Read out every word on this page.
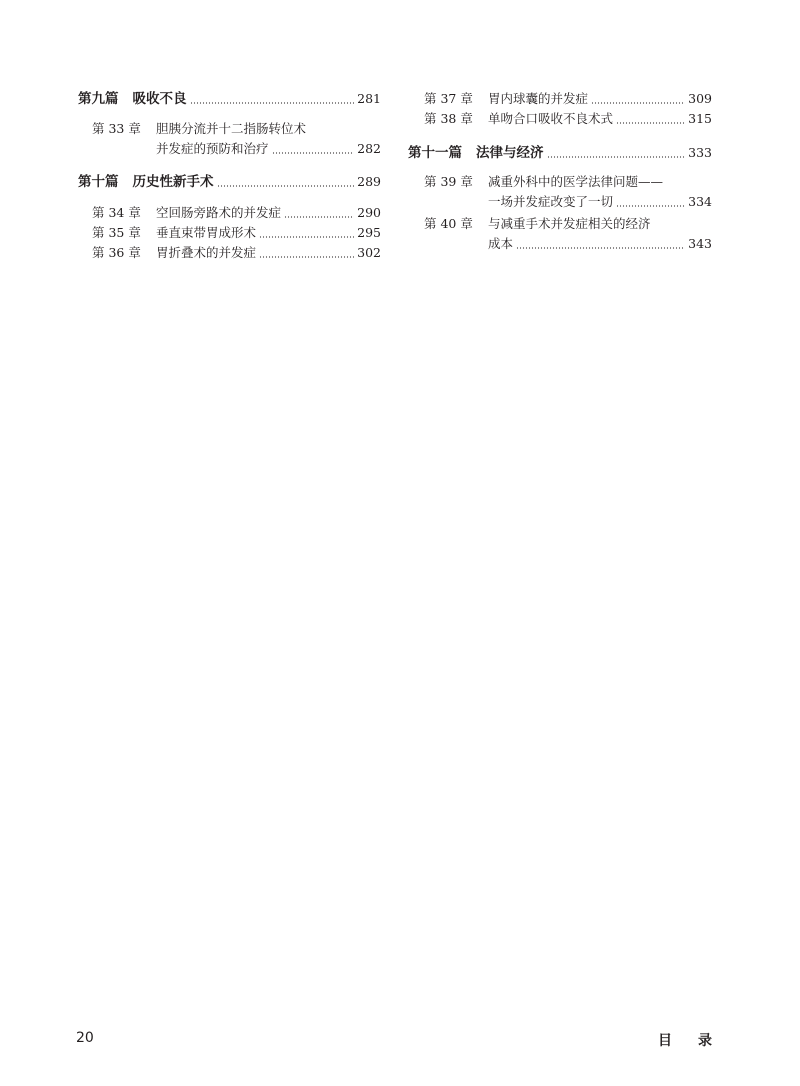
第九篇 吸收不良	281
第 33 章 胆胰分流并十二指肠转位术
并发症的预防和治疗	282
第十篇 历史性新手术	289
第 34 章 空回肠旁路术的并发症	290
第 35 章 垂直束带胃成形术	295
第 36 章 胃折叠术的并发症	302
第 37 章 胃内球囊的并发症	309
第 38 章 单吻合口吸收不良术式	315
第十一篇 法律与经济	333
第 39 章 减重外科中的医学法律问题——
一场并发症改变了一切	334
第 40 章 与减重手术并发症相关的经济
成本	343
20	目录
